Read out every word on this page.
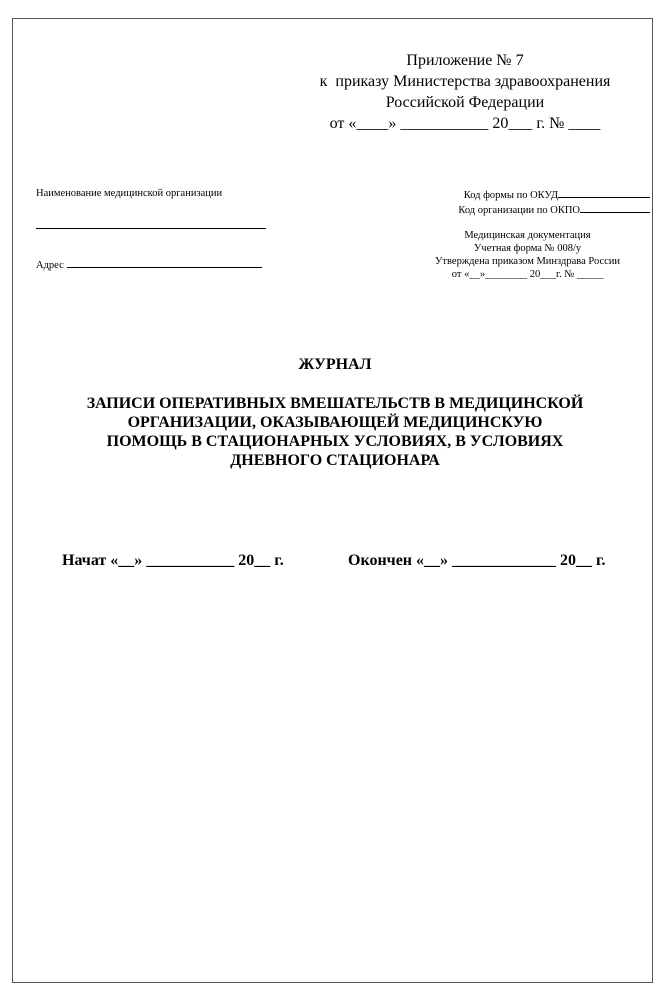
Приложение № 7
к  приказу Министерства здравоохранения
Российской Федерации
от «____» ___________ 20___ г. № ____
Наименование медицинской организации
Адрес
Код формы по ОКУД
Код организации по ОКПО
Медицинская документация
Учетная форма № 008/у
Утверждена приказом Минздрава России
от «__»________ 20___г. № _____
ЖУРНАЛ
ЗАПИСИ ОПЕРАТИВНЫХ ВМЕШАТЕЛЬСТВ В МЕДИЦИНСКОЙ
ОРГАНИЗАЦИИ, ОКАЗЫВАЮЩЕЙ МЕДИЦИНСКУЮ
ПОМОЩЬ В СТАЦИОНАРНЫХ УСЛОВИЯХ, В УСЛОВИЯХ
ДНЕВНОГО СТАЦИОНАРА
Начат «__» ___________ 20__ г.	Окончен «__» _____________ 20__ г.
